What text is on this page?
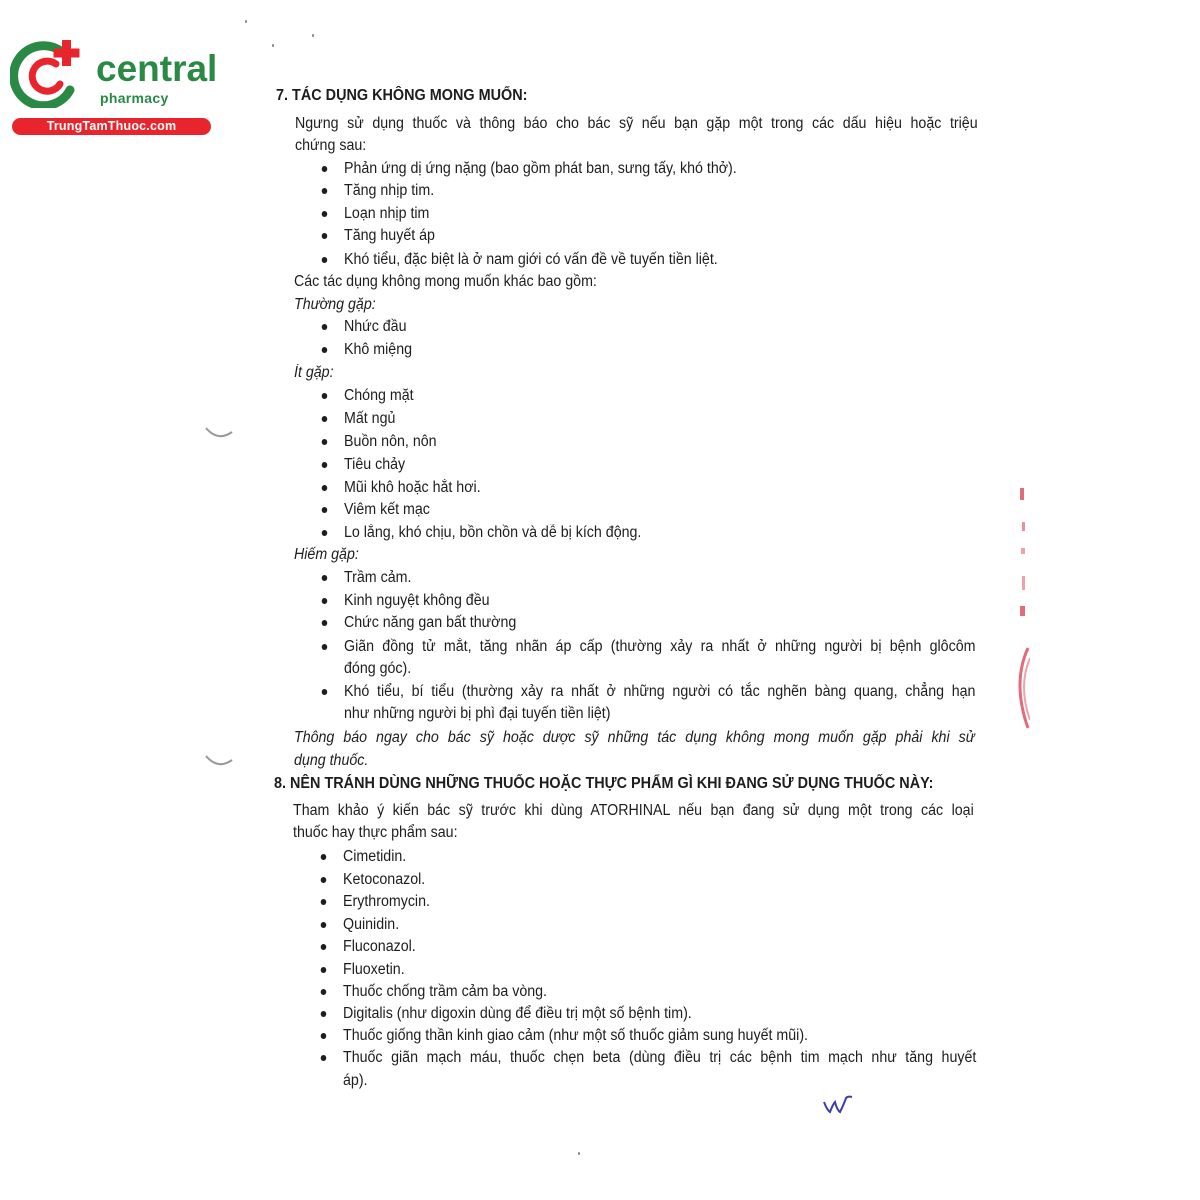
central
pharmacy
TrungTamThuoc.com
7. TÁC DỤNG KHÔNG MONG MUỐN:
Ngưng sử dụng thuốc và thông báo cho bác sỹ nếu bạn gặp một trong các dấu hiệu hoặc triệu
chứng sau:
Phản ứng dị ứng nặng (bao gồm phát ban, sưng tấy, khó thở).
Tăng nhịp tim.
Loạn nhịp tim
Tăng huyết áp
Khó tiểu, đặc biệt là ở nam giới có vấn đề về tuyến tiền liệt.
Các tác dụng không mong muốn khác bao gồm:
Thường gặp:
Nhức đầu
Khô miệng
Ít gặp:
Chóng mặt
Mất ngủ
Buồn nôn, nôn
Tiêu chảy
Mũi khô hoặc hắt hơi.
Viêm kết mạc
Lo lắng, khó chịu, bồn chồn và dễ bị kích động.
Hiếm gặp:
Trầm cảm.
Kinh nguyệt không đều
Chức năng gan bất thường
Giãn đồng tử mắt, tăng nhãn áp cấp (thường xảy ra nhất ở những người bị bệnh glôcôm
đóng góc).
Khó tiểu, bí tiểu (thường xảy ra nhất ở những người có tắc nghẽn bàng quang, chẳng hạn
như những người bị phì đại tuyến tiền liệt)
Thông báo ngay cho bác sỹ hoặc dược sỹ những tác dụng không mong muốn gặp phải khi sử
dụng thuốc.
8. NÊN TRÁNH DÙNG NHỮNG THUỐC HOẶC THỰC PHẨM GÌ KHI ĐANG SỬ DỤNG THUỐC NÀY:
Tham khảo ý kiến bác sỹ trước khi dùng ATORHINAL nếu bạn đang sử dụng một trong các loại
thuốc hay thực phẩm sau:
Cimetidin.
Ketoconazol.
Erythromycin.
Quinidin.
Fluconazol.
Fluoxetin.
Thuốc chống trầm cảm ba vòng.
Digitalis (như digoxin dùng để điều trị một số bệnh tim).
Thuốc giống thần kinh giao cảm (như một số thuốc giảm sung huyết mũi).
Thuốc giãn mạch máu, thuốc chẹn beta (dùng điều trị các bệnh tim mạch như tăng huyết
áp).
